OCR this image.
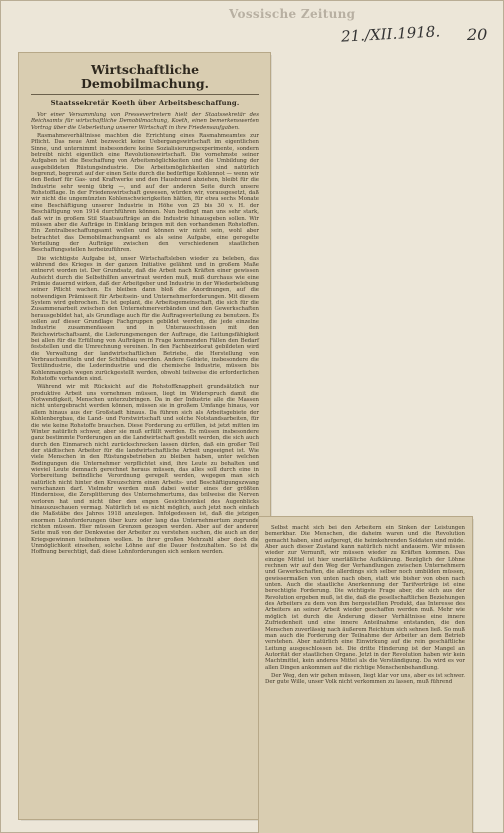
Vossische Zeitung
21./XII.1918. 20
Wirtschaftliche Demobilmachung.
Staatssekretär Koeth über Arbeitsbeschaffung.

Vor einer Versammlung von Pressevertretern hielt der Staatssekretär des Reichsamts für wirtschaftliche Demobilmachung, Koeth, einen bemerkenswerten Vortrag über die Ueberleitung unserer Wirtschaft in ihre Friedensaufgaben.

Rasmahmeverhältnisse machten die Errichtung eines Rasmahmeamtes zur Pflicht. Das neue Amt bezweckt keine Uebergangswirtschaft im eigentlichen Sinne, und unternimmt insbesondere keine Sozialisierungsexperimente, sondern betreibt nicht eigentlich eine Revolutionswirtschaft. Die vornehmste seiner Aufgaben ist die Beschaffung von Arbeitsmöglichkeiten und die Umbildung der ausgebildeten Rüstungsindustrie. Die Arbeitsmöglichkeiten sind natürlich begrenzt, begrenzt auf der einen Seite durch die bedürftige Kohlennot — wenn wir den Bedarf für Gas- und Kraftwerke und den Hausbrand abziehen, bleibt für die Industrie sehr wenig übrig —, und auf der anderen Seite durch unsere Rohstofflage. In der Friedenswirtschaft gewesen, würden wir, vorausgesetzt, daß wir nicht die ungemünzten Kohlenschwierigkeiten hätten, für etwa sechs Monate eine Beschäftigung unserer Industrie in Höhe von 25 bis 30 v. H. der Beschäftigung von 1914 durchführen können. Nun bedingt man uns sehr stark, daß wir in großem Stil Staatsaufträge an die Industrie hinausgeben sollen. Wir müssen aber die Aufträge in Einklang bringen mit den vorhandenen Rohstoffen. Ein Zentralbeschaffungsamt wollen und können wir nicht sein, wohl aber betrachtet das Demobilmachungsamt es als seine Aufgabe, eine geregelte Verteilung der Aufträge zwischen den verschiedenen staatlichen Beschaffungsstellen herbeizuführen.

Die wichtigste Aufgabe ist, unser Wirtschaftsleben wieder zu beleben, das während des Krieges in der ganzen Initiative gelähmt und in großem Maße entnervt worden ist. Der Grundsatz, daß die Arbeit nach Kräften einer gewissen Aufsicht durch die Selbsthilfen anvertraut werden muß, muß durchaus wie eine Prämie dauernd wirken, daß der Arbeitgeber und Industrie in der Wiederbelebung seiner Pflicht wachen. Es bleiben dann bloß die Anordnungen, auf die notwendigen Prämisseit für Arbeitsein- und Unternehmerforderungen. Mit diesem System wird gebrochen. Es ist geplant, die Arbeitsgemeinschaft, die sich für die Zusammenarbeit zwischen den Unternehmerverbänden und den Gewerkschaften herausgebildet hat, als Grundlage auch für die Auftragsverteilung zu benutzen. Es sollen auf dieser Grundlage Fachgruppen gebildet werden, die jede einzelne Industrie zusammenfassen und in Unterausschüssen mit den Reichswirtschaftsamt, die Lieferungsmengen der Auftrage, die Leitungsfähigkeit bei allen für die Erfüllung von Aufträgen in Frage kommenden Fällen den Bedarf feststellen und die Umrechnung vereinen. In den Fachbezirksrat gebildeten wird die Verwaltung der landwirtschaftlichen Betriebe, die Herstellung von Verbrauchsmitteln und der Schiffsbau werden. Andere Gebiete, insbesondere die Textilindustrie, die Lederindustrie und die chemische Industrie, müssen bis Kohlenmangels wegen zurückgestellt werden, obwohl teilweise die erforderlichen Rohstoffe vorhanden sind.

Während wir mit Rücksicht auf die Rohstoffknappheit grundsätzlich nur produktive Arbeit uns vornehmen müssen, liegt im Widerspruch damit die Notwendigkeit, Menschen unterzubringen. Da in der Industrie alle die Massen nicht untergebracht werden können, müssen sie in großem Umfange hinaus, vor allem hinaus aus der Großstadt hinaus. Da führen sich als Arbeitsgebiete der Kohlenbergbau, die Land- und Forstwirtschaft und solche Notstandsarbeiten, für die wie keine Rohstoffe brauchen. Diese Forderung zu erfüllen, ist jetzt mitten im Winter natürlich schwer, aber sie muß erfüllt werden. Es müssen insbesondere ganz bestimmte Forderungen an die Landwirtschaft gestellt werden, die sich auch durch den Einmarsch nicht zurückschrecken lassen dürfen, daß ein großer Teil der städtischen Arbeiter für die landwirtschaftliche Arbeit ungeeignet ist. Wie viele Menschen in den Rüstungsbetrieben zu bleiben haben, unter welchen Bedingungen die Unternehmer verpflichtet sind, ihre Leute zu behalten und wieviel Leute demnach gerechnet heraus müssen, das alles soll durch eine in Vorbereitung befindliche Verordnung geregelt werden, wegegen man sich natürlich nicht hinter den Kreuzschirm einen Arbeits- und Beschäftigungszwang verschanzen darf. Vielmehr werden muß dabei weiter eines der größten Hindernisse, die Zersplitterung des Unternehmertums, das teilweise die Nerven verloren hat und nicht über den engen Gesichtswinkel des Augenblicks hinauszuschauen vermag. Natürlich ist es nicht möglich, auch jetzt noch einfach die Maßstäbe des Jahres 1918 anzulegen. Infolgedessen ist, daß die jetzigen enormen Lohnforderungen über kurz oder lang das Unternehmertum zugrunde richten müssen. Hier müssen Grenzen gezogen werden. Aber auf der anderen Seite muß von der Denkweise der Arbeiter zu verstehen suchen, die auch an den Kriegsgewinnen teilnehmen wollen. In ihrer großen Mehrzahl aber doch die Unmöglichkeit einsehen, solche Löhne auf die Dauer festzuhalten. So ist die Hoffnung berechtigt, daß diese Lohnforderungen sich senken werden.

Selbst macht sich bei den Arbeitern ein Sinken der Leistungen bemerkbar. Die Menschen, die daheim waren und die Revolution gemacht haben, sind aufgeregt, die heimkehrenden Soldaten sind müde. Aber auch dieser Zustand kann natürlich nicht andauern. Wir müssen wieder zur Vernunft, wir müssen wieder zu Kräften kommen. Das einzige Mittel ist hier unerläßliche Aufklärung. Bezüglich der Löhne rechnen wir auf den Weg der Verhandlungen zwischen Unternehmern und Gewerkschaften, die allerdings sich selber noch umbilden müssen, gewissermaßen von unten nach oben, statt wie bisher von oben nach unten. Auch die staatliche Anerkennung der Tarifverträge ist eine berechtigte Forderung. Die wichtigste Frage aber, die sich aus der Revolution ergeben muß, ist die, daß die gesellschaftlichen Beziehungen des Arbeiters zu dem von ihm hergestellten Produkt, das Interesse des Arbeiters an seiner Arbeit wieder geschaffen werden muß. Mehr wie möglich ist durch die Änderung dieser Verhältnisse eine innere Zufriedenheit und eine innere Anteilnahme entstanden, die den Menschen zuverlässig nach äußerem Reichtum sich sehnen ließ. So muß man auch die Forderung der Teilnahme der Arbeiter an dem Betrieb verstehen. Aber natürlich eine Einwirkung auf die rein geschäftliche Leitung ausgeschlossen ist. Die dritte Hinderung ist der Mangel an Autorität der staatlichen Organe. Jetzt in der Revolution haben wir kein Machtmittel, kein anderes Mittel als die Verständigung. Da wird es vor allen Dingen ankommen auf die richtige Menschenbehandlung.

Der Weg, den wir gehen müssen, liegt klar vor uns, aber es ist schwer. Der gute Wille, unser Volk nicht verkommen zu lassen, muß führend
